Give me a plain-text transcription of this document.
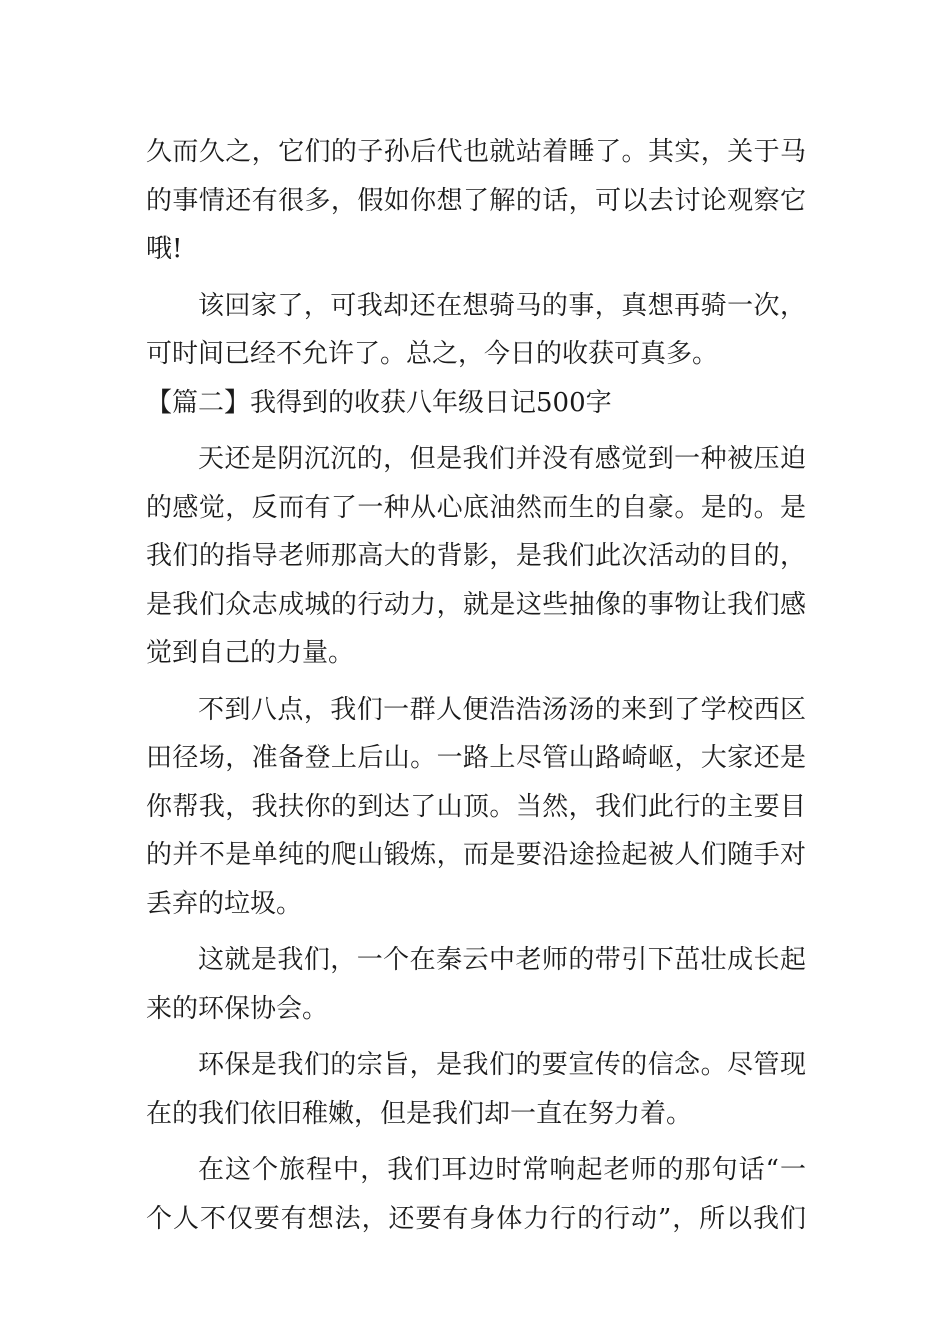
久而久之，它们的子孙后代也就站着睡了。其实，关于马
的事情还有很多，假如你想了解的话，可以去讨论观察它
哦!
该回家了，可我却还在想骑马的事，真想再骑一次，
可时间已经不允许了。总之，今日的收获可真多。
【篇二】我得到的收获八年级日记500字
天还是阴沉沉的，但是我们并没有感觉到一种被压迫
的感觉，反而有了一种从心底油然而生的自豪。是的。是
我们的指导老师那高大的背影，是我们此次活动的目的，
是我们众志成城的行动力，就是这些抽像的事物让我们感
觉到自己的力量。
不到八点，我们一群人便浩浩汤汤的来到了学校西区
田径场，准备登上后山。一路上尽管山路崎岖，大家还是
你帮我，我扶你的到达了山顶。当然，我们此行的主要目
的并不是单纯的爬山锻炼，而是要沿途捡起被人们随手对
丢弃的垃圾。
这就是我们，一个在秦云中老师的带引下茁壮成长起
来的环保协会。
环保是我们的宗旨，是我们的要宣传的信念。尽管现
在的我们依旧稚嫩，但是我们却一直在努力着。
在这个旅程中，我们耳边时常响起老师的那句话“一
个人不仅要有想法，还要有身体力行的行动”，所以我们
